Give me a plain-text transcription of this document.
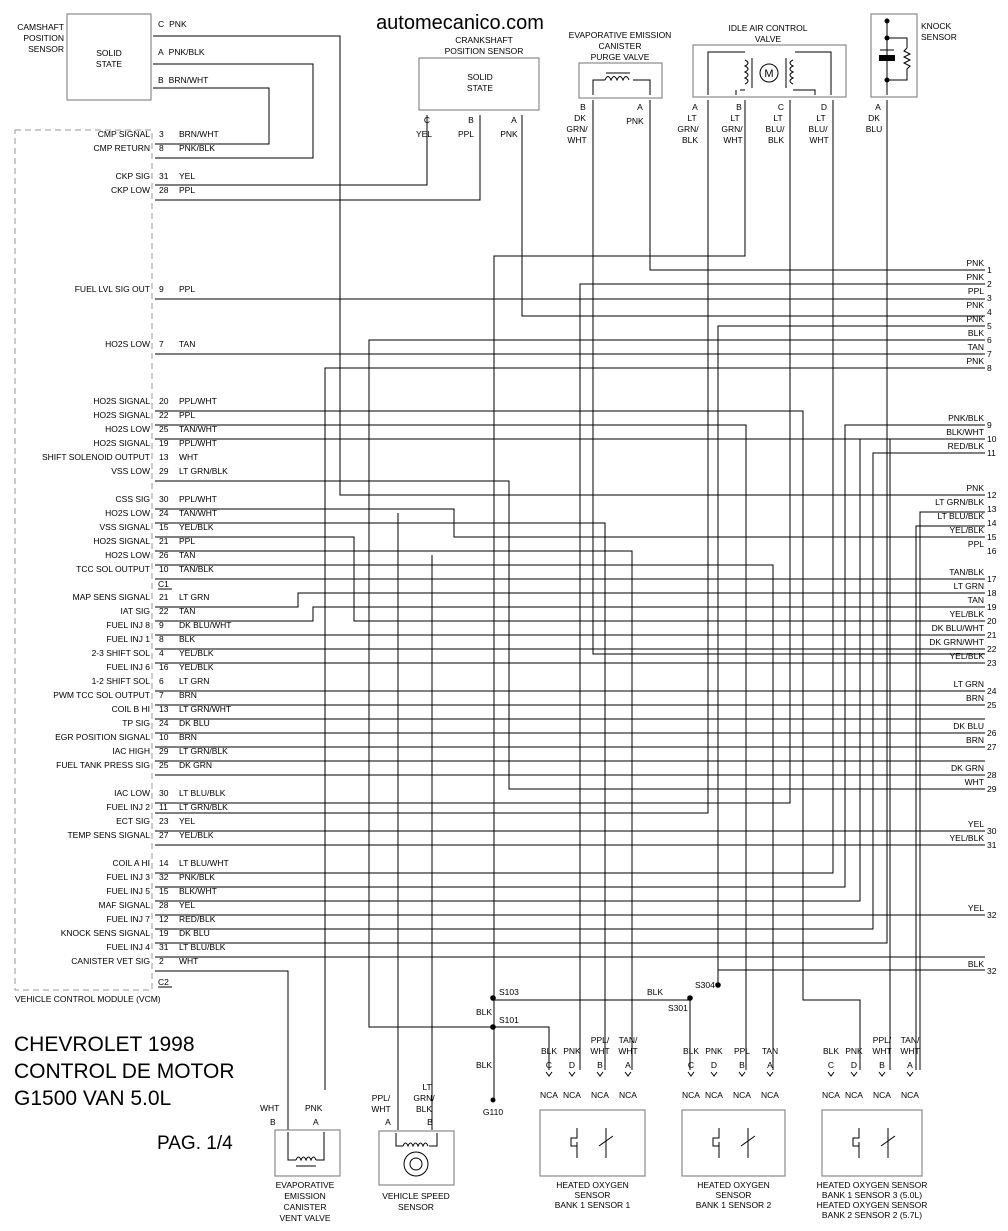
automecanico.com
CHEVROLET 1998
CONTROL DE MOTOR
G1500 VAN 5.0L
PAG. 1/4
VEHICLE CONTROL MODULE (VCM)
C1
C2
CMP SIGNAL 3 BRN/WHT
CMP RETURN 8 PNK/BLK
CKP SIG 31 YEL
CKP LOW 28 PPL
FUEL LVL SIG OUT 9 PPL
HO2S LOW 7 TAN
HO2S SIGNAL 20 PPL/WHT
HO2S SIGNAL 22 PPL
HO2S LOW 25 TAN/WHT
HO2S SIGNAL 19 PPL/WHT
SHIFT SOLENOID OUTPUT 13 WHT
VSS LOW 29 LT GRN/BLK
CSS SIG 30 PPL/WHT
HO2S LOW 24 TAN/WHT
VSS SIGNAL 15 YEL/BLK
HO2S SIGNAL 21 PPL
HO2S LOW 26 TAN
TCC SOL OUTPUT 10 TAN/BLK
MAP SENS SIGNAL 21 LT GRN
IAT SIG 22 TAN
FUEL INJ 8 9 DK BLU/WHT
FUEL INJ 1 8 BLK
2-3 SHIFT SOL 4 YEL/BLK
FUEL INJ 6 16 YEL/BLK
1-2 SHIFT SOL 6 LT GRN
PWM TCC SOL OUTPUT 7 BRN
COIL B HI 13 LT GRN/WHT
TP SIG 24 DK BLU
EGR POSITION SIGNAL 10 BRN
IAC HIGH 29 LT GRN/BLK
FUEL TANK PRESS SIG 25 DK GRN
IAC LOW 30 LT BLU/BLK
FUEL INJ 2 11 LT GRN/BLK
ECT SIG 23 YEL
TEMP SENS SIGNAL 27 YEL/BLK
COIL A HI 14 LT BLU/WHT
FUEL INJ 3 32 PNK/BLK
FUEL INJ 5 15 BLK/WHT
MAF SIGNAL 28 YEL
FUEL INJ 7 12 RED/BLK
KNOCK SENS SIGNAL 19 DK BLU
FUEL INJ 4 31 LT BLU/BLK
CANISTER VET SIG 2 WHT
CAMSHAFT
POSITION
SENSOR	SOLID
STATE
C PNK
A PNK/BLK
B BRN/WHT
CRANKSHAFT
POSITION SENSOR
SOLID
STATE
C	B	A
YEL	PPL	PNK
EVAPORATIVE EMISSION
CANISTER
PURGE VALVE
B	A
DK
GRN/
WHT
PNK
IDLE AIR CONTROL
VALVE
M
A	B	C	D
LT
GRN/
BLK
LT
GRN/
WHT
LT
BLU/
BLK
LT
BLU/
WHT
KNOCK
SENSOR
A
DK
BLU
PNK
1
PNK
2
PPL
3
PNK
4
PNK
5
BLK
6
TAN
7
PNK
8
PNK/BLK
9
BLK/WHT
10
RED/BLK
11
PNK
12
LT GRN/BLK
13
LT BLU/BLK
14
YEL/BLK
15
PPL
16
TAN/BLK
17
LT GRN
18
TAN
19
YEL/BLK
20
DK BLU/WHT
21
DK GRN/WHT
22
YEL/BLK
23
LT GRN
24
BRN
25
DK BLU
26
BRN
27
DK GRN
28
WHT
29
YEL
30
YEL/BLK
31
YEL
32
BLK
32
S103
S101
S304
S301
BLK
BLK
BLK
G110
BLK
C
NCA
PNK
D
NCA
PPL/
WHT
B
NCA
TAN/
WHT
A
NCA
HEATED OXYGEN
SENSOR
BANK 1 SENSOR 1
BLK
C
NCA
PNK
D
NCA
PPL
B
NCA
TAN
A
NCA
HEATED OXYGEN
SENSOR
BANK 1 SENSOR 2
BLK
C
NCA
PNK
D
NCA
PPL/
WHT
B
NCA
TAN/
WHT
A
NCA
HEATED OXYGEN SENSOR
BANK 1 SENSOR 3 (5.0L)
HEATED OXYGEN SENSOR
BANK 2 SENSOR 2 (5.7L)
WHT	PNK
B	A
EVAPORATIVE
EMISSION
CANISTER
VENT VALVE
PPL/
WHT
LT
GRN/
BLK
A	B
VEHICLE SPEED
SENSOR
